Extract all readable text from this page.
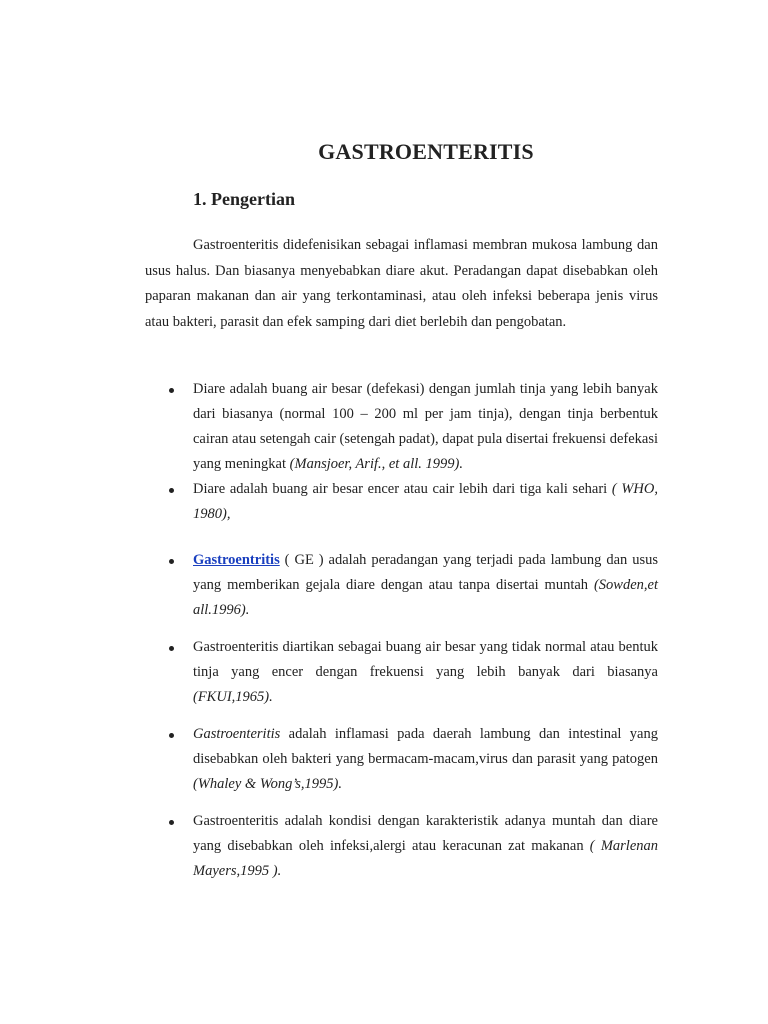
GASTROENTERITIS
1. Pengertian

Gastroenteritis didefenisikan sebagai inflamasi membran mukosa lambung dan usus halus. Dan biasanya menyebabkan diare akut. Peradangan dapat disebabkan oleh paparan makanan dan air yang terkontaminasi, atau oleh infeksi beberapa jenis virus atau bakteri, parasit dan efek samping dari diet berlebih dan pengobatan.

Diare adalah buang air besar (defekasi) dengan jumlah tinja yang lebih banyak dari biasanya (normal 100 – 200 ml per jam tinja), dengan tinja berbentuk cairan atau setengah cair (setengah padat), dapat pula disertai frekuensi defekasi yang meningkat (Mansjoer, Arif., et all. 1999).
Diare adalah buang air besar encer atau cair lebih dari tiga kali sehari ( WHO, 1980),
Gastroentritis ( GE ) adalah peradangan yang terjadi pada lambung dan usus yang memberikan gejala diare dengan atau tanpa disertai muntah (Sowden,et all.1996).
Gastroenteritis diartikan sebagai buang air besar yang tidak normal atau bentuk tinja yang encer dengan frekuensi yang lebih banyak dari biasanya (FKUI,1965).
Gastroenteritis adalah inflamasi pada daerah lambung dan intestinal yang disebabkan oleh bakteri yang bermacam-macam,virus dan parasit yang patogen (Whaley & Wong’s,1995).
Gastroenteritis adalah kondisi dengan karakteristik adanya muntah dan diare yang disebabkan oleh infeksi,alergi atau keracunan zat makanan ( Marlenan Mayers,1995 ).
